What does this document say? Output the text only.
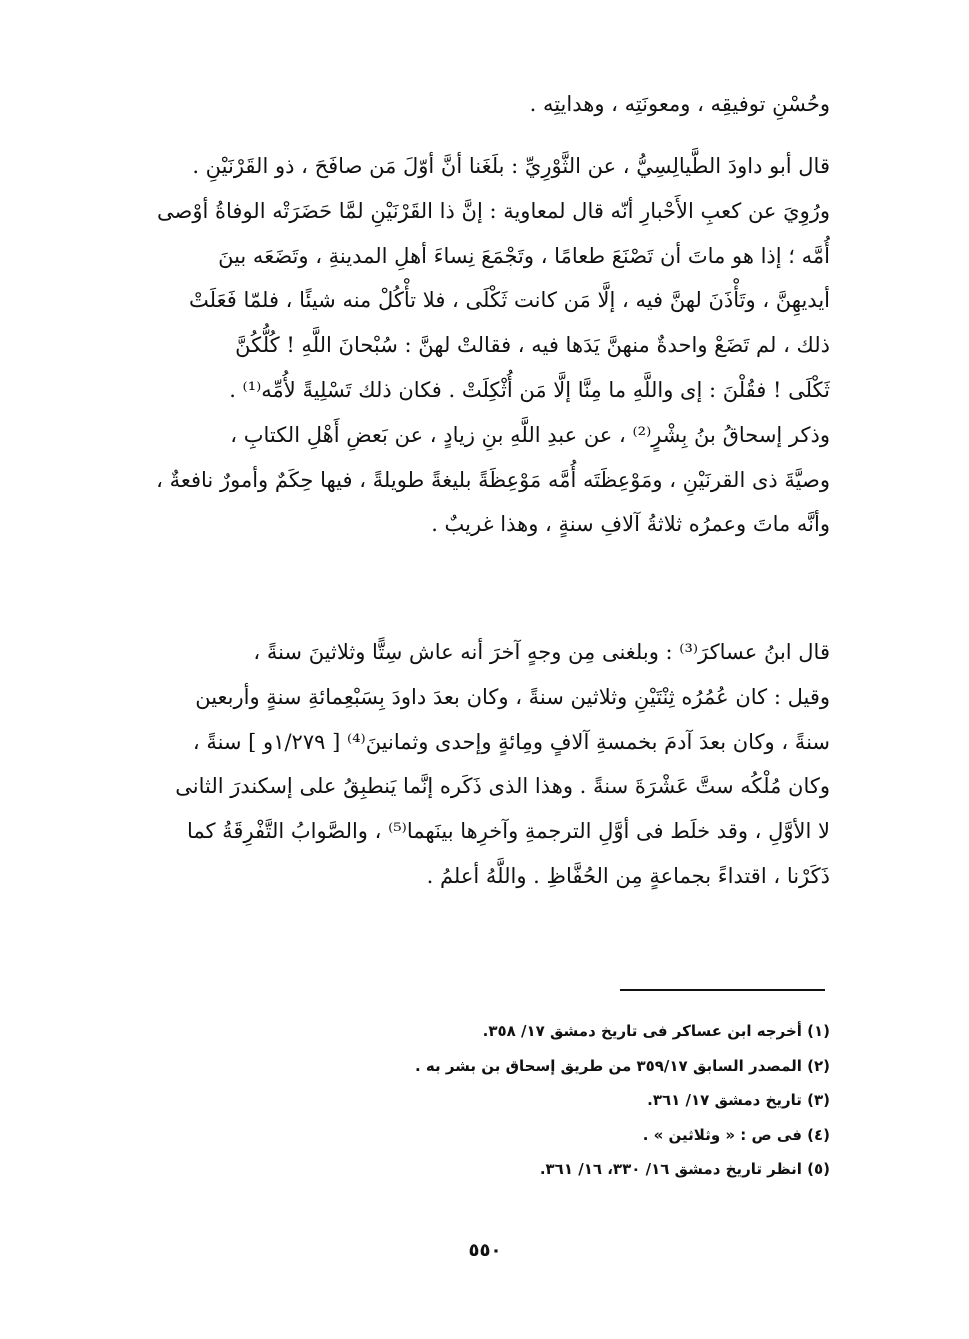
وحُسْنِ توفيقِه ، ومعونَتِه ، وهدايتِه .
قال أبو داودَ الطَّيالِسِيُّ ، عن الثَّوْرِيِّ : بلَغَنا أنَّ أوّلَ مَن صافَحَ ، ذو القَرْنَيْنِ .
ورُوِيَ عن كعبِ الأَحْبارِ أنّه قال لمعاوية : إنَّ ذا القَرْنَيْنِ لمَّا حَضَرَتْه الوفاةُ أوْصى
أُمَّه ؛ إذا هو ماتَ أن تَصْنَعَ طعامًا ، وتَجْمَعَ نِساءَ أهلِ المدينةِ ، وتَضَعَه بينَ
أيديهِنَّ ، وتَأْذَنَ لهنَّ فيه ، إلَّا مَن كانت ثَكْلَى ، فلا تأْكُلْ منه شيئًا ، فلمّا فَعَلَتْ
ذلك ، لم تَضَعْ واحدةٌ منهنَّ يَدَها فيه ، فقالتْ لهنَّ : سُبْحانَ اللَّهِ ! كُلُّكُنَّ
ثَكْلَى ! فقُلْنَ : إى واللَّهِ ما مِنَّا إلَّا مَن أُثْكِلَتْ . فكان ذلك تَسْلِيةً لأُمِّه⁽¹⁾ .
وذكر إسحاقُ بنُ بِشْرٍ⁽²⁾ ، عن عبدِ اللَّهِ بنِ زيادٍ ، عن بَعضِ أَهْلِ الكتابِ ،
وصيَّةَ ذى القرنَيْنِ ، ومَوْعِظَتَه أُمَّه مَوْعِظَةً بليغةً طويلةً ، فيها حِكَمٌ وأمورٌ نافعةٌ ،
وأنَّه ماتَ وعمرُه ثلاثةُ آلافِ سنةٍ ، وهذا غريبٌ .
قال ابنُ عساكرَ⁽³⁾ : وبلغنى مِن وجهٍ آخرَ أنه عاش سِتًّا وثلاثينَ سنةً ،
وقيل : كان عُمُرُه ثِنْتَيْنِ وثلاثين سنةً ، وكان بعدَ داودَ بِسَبْعِمائةِ سنةٍ وأربعين
سنةً ، وكان بعدَ آدمَ بخمسةِ آلافٍ ومِائةٍ وإحدى وثمانينَ⁽⁴⁾ [ ١/٢٧٩و ] سنةً ،
وكان مُلْكُه ستَّ عَشْرَةَ سنةً . وهذا الذى ذَكَره إنَّما يَنطبِقُ على إسكندرَ الثانى
لا الأوَّلِ ، وقد خلَط فى أوَّلِ الترجمةِ وآخرِها بينَهما⁽⁵⁾ ، والصَّوابُ التَّفْرِقَةُ كما
ذَكَرْنا ، اقتداءً بجماعةٍ مِن الحُفَّاظِ . واللَّهُ أعلمُ .
(١) أخرجه ابن عساكر فى تاريخ دمشق ١٧/ ٣٥٨.
(٢) المصدر السابق ٣٥٩/١٧ من طريق إسحاق بن بشر به .
(٣) تاريخ دمشق ١٧/ ٣٦١.
(٤) فى ص : « وثلاثين » .
(٥) انظر تاريخ دمشق ١٦/ ٣٣٠، ١٦/ ٣٦١.
٥٥٠
